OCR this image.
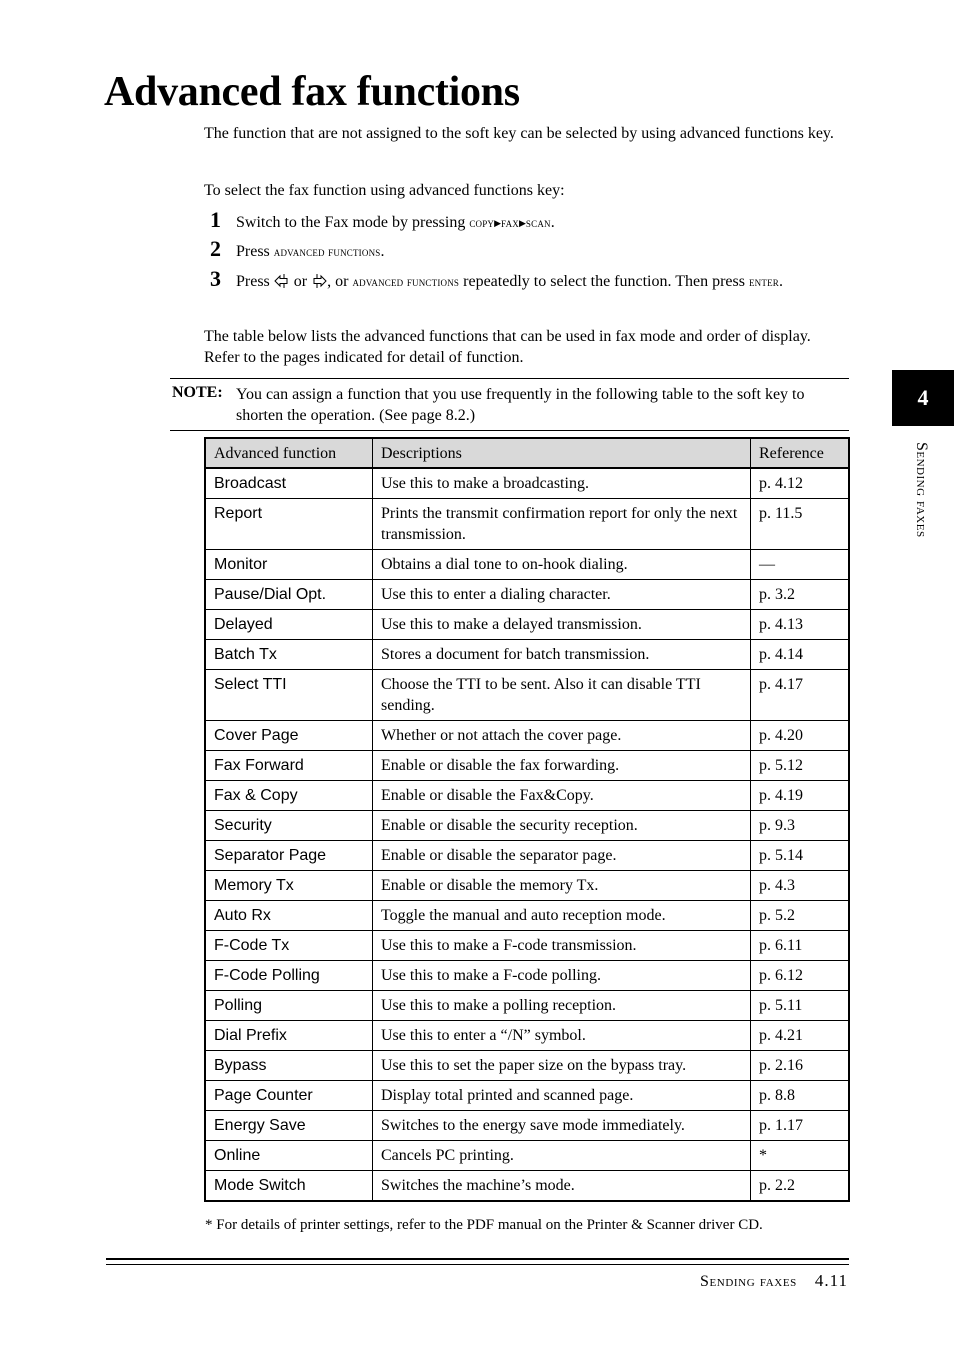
Advanced fax functions
The function that are not assigned to the soft key can be selected by using advanced functions key.
To select the fax function using advanced functions key:
1 Switch to the Fax mode by pressing copy▶fax▶scan.
2 Press advanced functions.
3 Press  or , or advanced functions repeatedly to select the function. Then press enter.
The table below lists the advanced functions that can be used in fax mode and order of display. Refer to the pages indicated for detail of function.
NOTE: You can assign a function that you use frequently in the following table to the soft key to shorten the operation. (See page 8.2.)
Advanced function	Descriptions	Reference
Broadcast	Use this to make a broadcasting.	p. 4.12
Report	Prints the transmit confirmation report for only the next transmission.	p. 11.5
Monitor	Obtains a dial tone to on-hook dialing.	—
Pause/Dial Opt.	Use this to enter a dialing character.	p. 3.2
Delayed	Use this to make a delayed transmission.	p. 4.13
Batch Tx	Stores a document for batch transmission.	p. 4.14
Select TTI	Choose the TTI to be sent. Also it can disable TTI sending.	p. 4.17
Cover Page	Whether or not attach the cover page.	p. 4.20
Fax Forward	Enable or disable the fax forwarding.	p. 5.12
Fax & Copy	Enable or disable the Fax&Copy.	p. 4.19
Security	Enable or disable the security reception.	p. 9.3
Separator Page	Enable or disable the separator page.	p. 5.14
Memory Tx	Enable or disable the memory Tx.	p. 4.3
Auto Rx	Toggle the manual and auto reception mode.	p. 5.2
F-Code Tx	Use this to make a F-code transmission.	p. 6.11
F-Code Polling	Use this to make a F-code polling.	p. 6.12
Polling	Use this to make a polling reception.	p. 5.11
Dial Prefix	Use this to enter a “/N” symbol.	p. 4.21
Bypass	Use this to set the paper size on the bypass tray.	p. 2.16
Page Counter	Display total printed and scanned page.	p. 8.8
Energy Save	Switches to the energy save mode immediately.	p. 1.17
Online	Cancels PC printing.	*
Mode Switch	Switches the machine’s mode.	p. 2.2
* For details of printer settings, refer to the PDF manual on the Printer & Scanner driver CD.
Sending faxes 4.11
4
Sending faxes
